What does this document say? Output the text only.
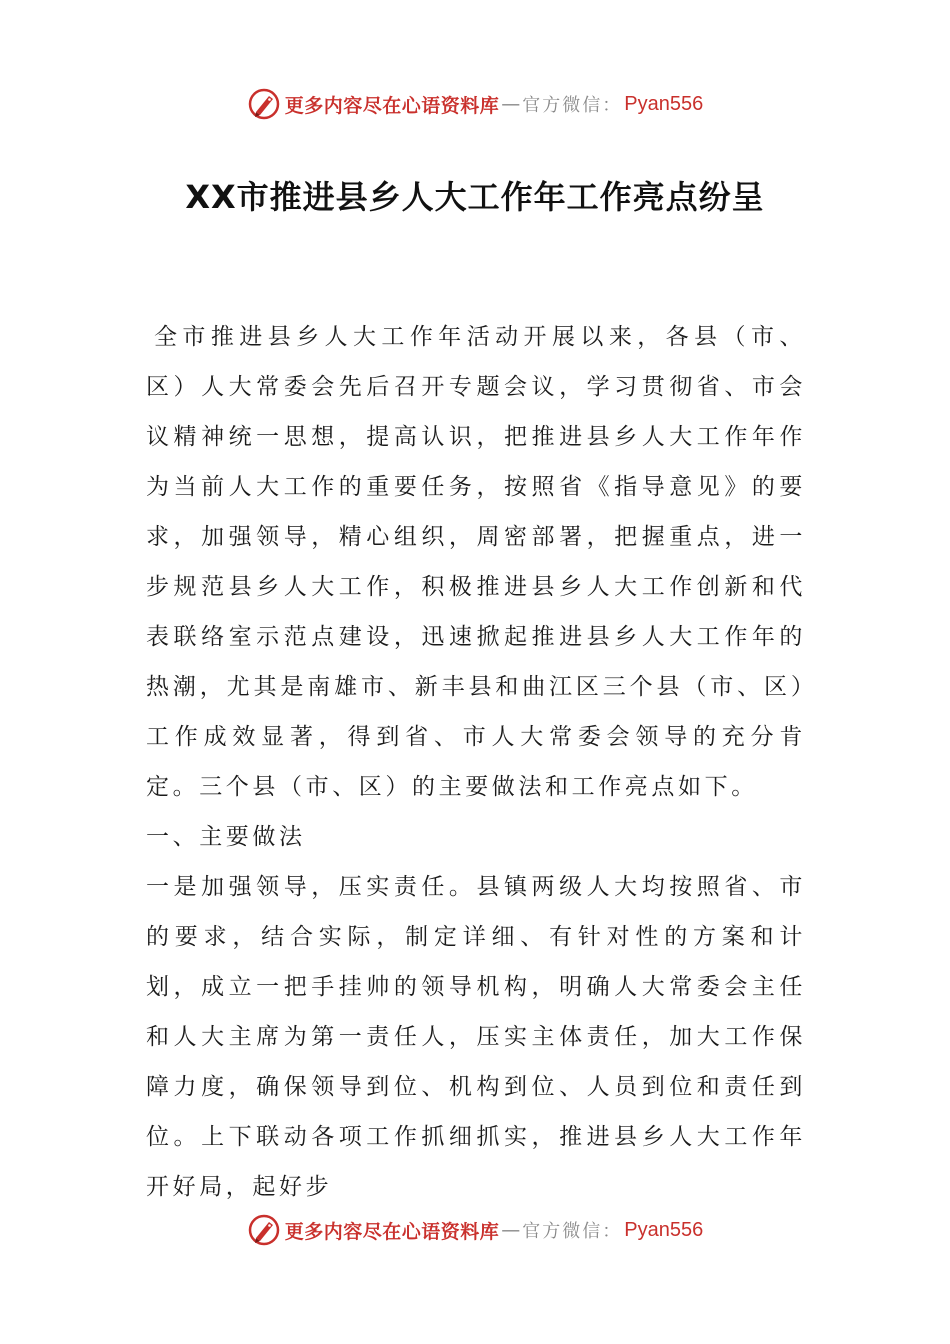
更多内容尽在心语资料库 — 官方微信： Pyan556
XX市推进县乡人大工作年工作亮点纷呈

全市推进县乡人大工作年活动开展以来，各县（市、区）人大常委会先后召开专题会议，学习贯彻省、市会议精神统一思想，提高认识，把推进县乡人大工作年作为当前人大工作的重要任务，按照省《指导意见》的要求，加强领导，精心组织，周密部署，把握重点，进一步规范县乡人大工作，积极推进县乡人大工作创新和代表联络室示范点建设，迅速掀起推进县乡人大工作年的热潮，尤其是南雄市、新丰县和曲江区三个县（市、区）工作成效显著，得到省、市人大常委会领导的充分肯定。三个县（市、区）的主要做法和工作亮点如下。

一、主要做法

一是加强领导，压实责任。县镇两级人大均按照省、市的要求，结合实际，制定详细、有针对性的方案和计划，成立一把手挂帅的领导机构，明确人大常委会主任和人大主席为第一责任人，压实主体责任，加大工作保障力度，确保领导到位、机构到位、人员到位和责任到位。上下联动各项工作抓细抓实，推进县乡人大工作年开好局，起好步

更多内容尽在心语资料库 — 官方微信： Pyan556
